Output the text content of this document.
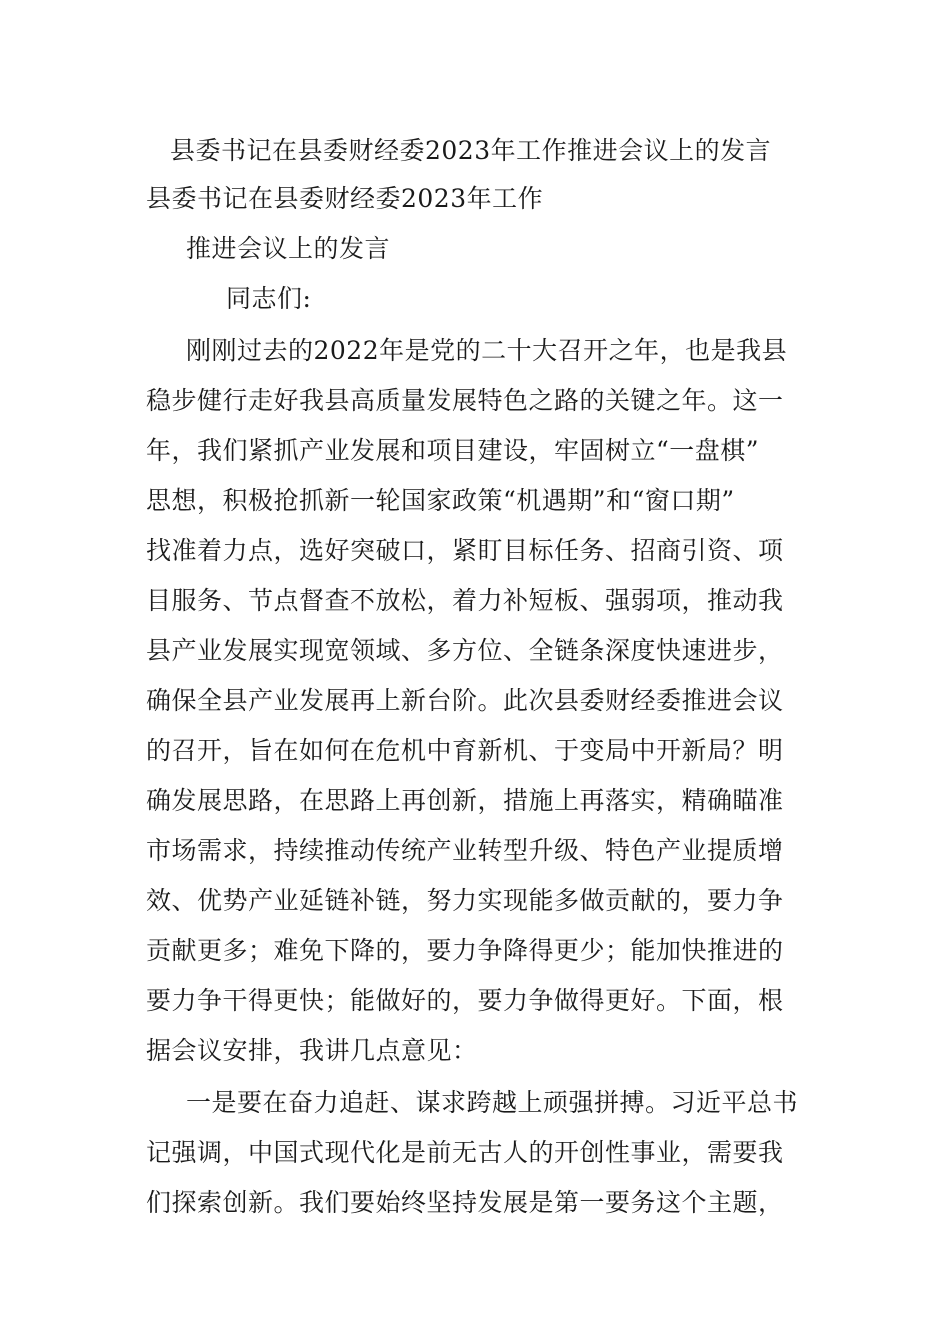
县委书记在县委财经委2023年工作推进会议上的发言
县委书记在县委财经委2023年工作
推进会议上的发言
同志们:
刚刚过去的2022年是党的二十大召开之年，也是我县
稳步健行走好我县高质量发展特色之路的关键之年。这一
年，我们紧抓产业发展和项目建设，牢固树立“一盘棋”
思想，积极抢抓新一轮国家政策“机遇期”和“窗口期”
找准着力点，选好突破口，紧盯目标任务、招商引资、项
目服务、节点督查不放松，着力补短板、强弱项，推动我
县产业发展实现宽领域、多方位、全链条深度快速进步，
确保全县产业发展再上新台阶。此次县委财经委推进会议
的召开，旨在如何在危机中育新机、于变局中开新局？明
确发展思路，在思路上再创新，措施上再落实，精确瞄准
市场需求，持续推动传统产业转型升级、特色产业提质增
效、优势产业延链补链，努力实现能多做贡献的，要力争
贡献更多；难免下降的，要力争降得更少；能加快推进的
要力争干得更快；能做好的，要力争做得更好。下面，根
据会议安排，我讲几点意见：
一是要在奋力追赶、谋求跨越上顽强拼搏。习近平总书
记强调，中国式现代化是前无古人的开创性事业，需要我
们探索创新。我们要始终坚持发展是第一要务这个主题，
